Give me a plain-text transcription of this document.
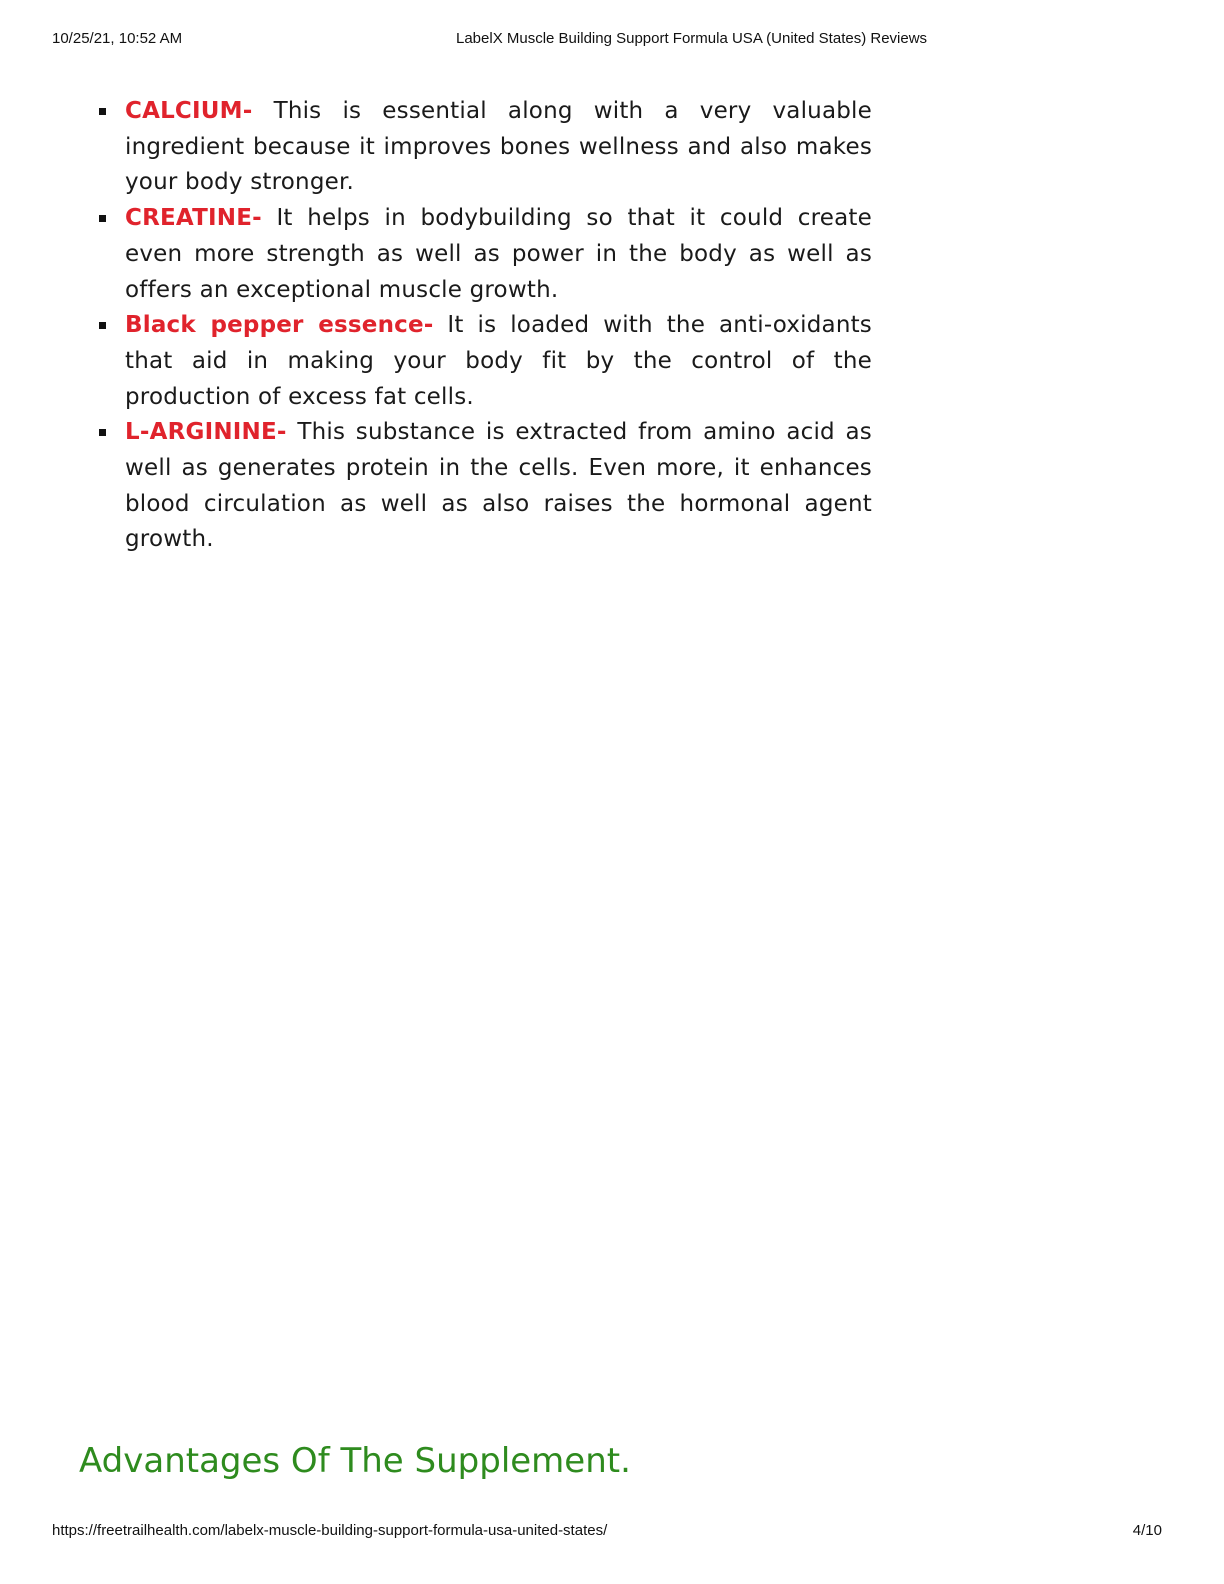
10/25/21, 10:52 AM	LabelX Muscle Building Support Formula USA (United States) Reviews
CALCIUM- This is essential along with a very valuable ingredient because it improves bones wellness and also makes your body stronger.
CREATINE- It helps in bodybuilding so that it could create even more strength as well as power in the body as well as offers an exceptional muscle growth.
Black pepper essence- It is loaded with the anti-oxidants that aid in making your body fit by the control of the production of excess fat cells.
L-ARGININE- This substance is extracted from amino acid as well as generates protein in the cells. Even more, it enhances blood circulation as well as also raises the hormonal agent growth.
Advantages Of The Supplement.
https://freetrailhealth.com/labelx-muscle-building-support-formula-usa-united-states/	4/10
